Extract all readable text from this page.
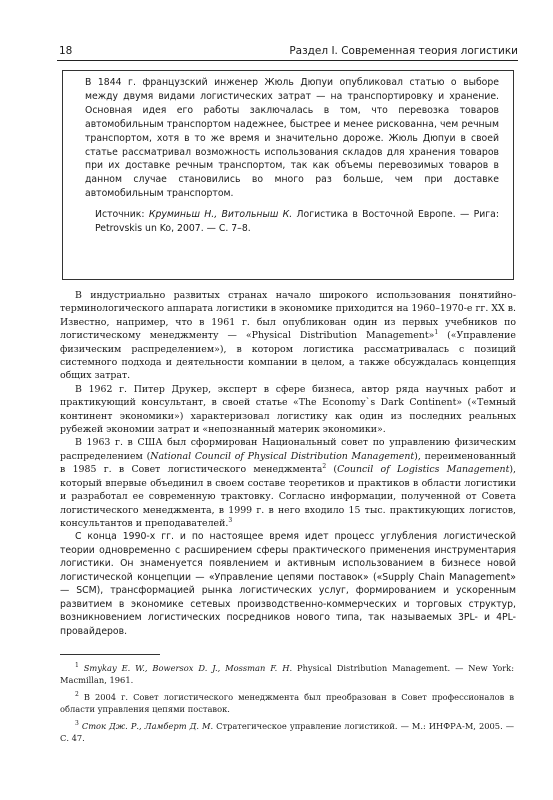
18	Раздел I. Современная теория логистики

В 1844 г. французский инженер Жюль Дюпуи опубликовал статью о выборе между двумя видами логистических затрат — на транспортировку и хранение. Основная идея его работы заключалась в том, что перевозка товаров автомобильным транспортом надежнее, быстрее и менее рискованна, чем речным транспортом, хотя в то же время и значительно дороже. Жюль Дюпуи в своей статье рассматривал возможность использования складов для хранения товаров при их доставке речным транспортом, так как объемы перевозимых товаров в данном случае становились во много раз больше, чем при доставке автомобильным транспортом.

Источник: Круминьш Н., Витольныш К. Логистика в Восточной Европе. — Рига: Petrovskis un Ko, 2007. — С. 7–8.

В индустриально развитых странах начало широкого использования понятийно-терминологического аппарата логистики в экономике приходится на 1960–1970-е гг. ХХ в. Известно, например, что в 1961 г. был опубликован один из первых учебников по логистическому менеджменту — «Physical Distribution Management»$^1$ («Управление физическим распределением»), в котором логистика рассматривалась с позиций системного подхода и деятельности компании в целом, а также обсуждалась концепция общих затрат.

В 1962 г. Питер Друкер, эксперт в сфере бизнеса, автор ряда научных работ и практикующий консультант, в своей статье «The Economy`s Dark Continent» («Темный континент экономики») характеризовал логистику как один из последних реальных рубежей экономии затрат и «непознанный материк экономики».

В 1963 г. в США был сформирован Национальный совет по управлению физическим распределением (National Council of Physical Distribution Management), переименованный в 1985 г. в Совет логистического менеджмента$^2$ (Council of Logistics Management), который впервые объединил в своем составе теоретиков и практиков в области логистики и разработал ее современную трактовку. Согласно информации, полученной от Совета логистического менеджмента, в 1999 г. в него входило 15 тыс. практикующих логистов, консультантов и преподавателей.$^3$

С конца 1990-х гг. и по настоящее время идет процесс углубления логистической теории одновременно с расширением сферы практического применения инструментария логистики. Он знаменуется появлением и активным использованием в бизнесе новой логистической концепции — «Управление цепями поставок» («Supply Chain Management» — SCM), трансформацией рынка логистических услуг, формированием и ускоренным развитием в экономике сетевых производственно-коммерческих и торговых структур, возникновением логистических посредников нового типа, так называемых 3PL- и 4PL-провайдеров.

$^1$ Smykay E. W., Bowersox D. J., Mossman F. H. Physical Distribution Management. — New York: Macmillan, 1961.

$^2$ В 2004 г. Совет логистического менеджмента был преобразован в Совет профессионалов в области управления цепями поставок.

$^3$ Сток Дж. Р., Ламберт Д. М. Стратегическое управление логистикой. — М.: ИНФРА-М, 2005. — С. 47.
